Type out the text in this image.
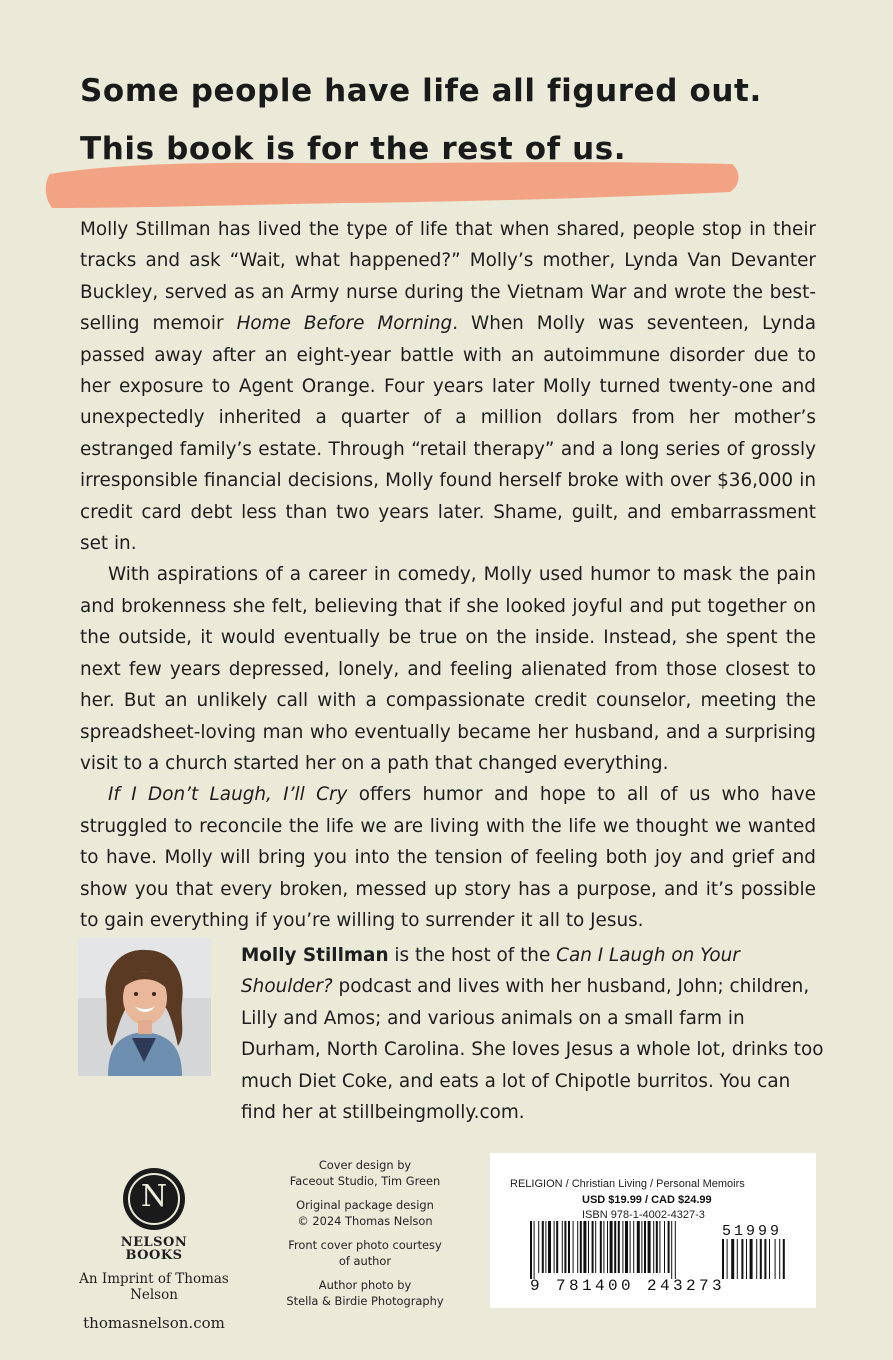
Some people have life all figured out.
This book is for the rest of us.

Molly Stillman has lived the type of life that when shared, people stop in their tracks and ask “Wait, what happened?” Molly’s mother, Lynda Van Devanter Buckley, served as an Army nurse during the Vietnam War and wrote the best-selling memoir Home Before Morning. When Molly was seventeen, Lynda passed away after an eight-year battle with an autoimmune disorder due to her exposure to Agent Orange. Four years later Molly turned twenty-one and unexpectedly inherited a quarter of a million dollars from her mother’s estranged family’s estate. Through “retail therapy” and a long series of grossly irresponsible financial decisions, Molly found herself broke with over $36,000 in credit card debt less than two years later. Shame, guilt, and embarrassment set in.

With aspirations of a career in comedy, Molly used humor to mask the pain and brokenness she felt, believing that if she looked joyful and put together on the outside, it would eventually be true on the inside. Instead, she spent the next few years depressed, lonely, and feeling alienated from those closest to her. But an unlikely call with a compassionate credit counselor, meeting the spreadsheet-loving man who eventually became her husband, and a surprising visit to a church started her on a path that changed everything.

If I Don’t Laugh, I’ll Cry offers humor and hope to all of us who have struggled to reconcile the life we are living with the life we thought we wanted to have. Molly will bring you into the tension of feeling both joy and grief and show you that every broken, messed up story has a purpose, and it’s possible to gain everything if you’re willing to surrender it all to Jesus.

Molly Stillman is the host of the Can I Laugh on Your Shoulder? podcast and lives with her husband, John; children, Lilly and Amos; and various animals on a small farm in Durham, North Carolina. She loves Jesus a whole lot, drinks too much Diet Coke, and eats a lot of Chipotle burritos. You can find her at stillbeingmolly.com.
N
NELSON
BOOKS
An Imprint of Thomas Nelson
thomasnelson.com
Cover design by
Faceout Studio, Tim Green
Original package design
© 2024 Thomas Nelson
Front cover photo courtesy
of author
Author photo by
Stella & Birdie Photography
RELIGION / Christian Living / Personal Memoirs
USD $19.99 / CAD $24.99
ISBN 978-1-4002-4327-3
51999
9 781400 243273
